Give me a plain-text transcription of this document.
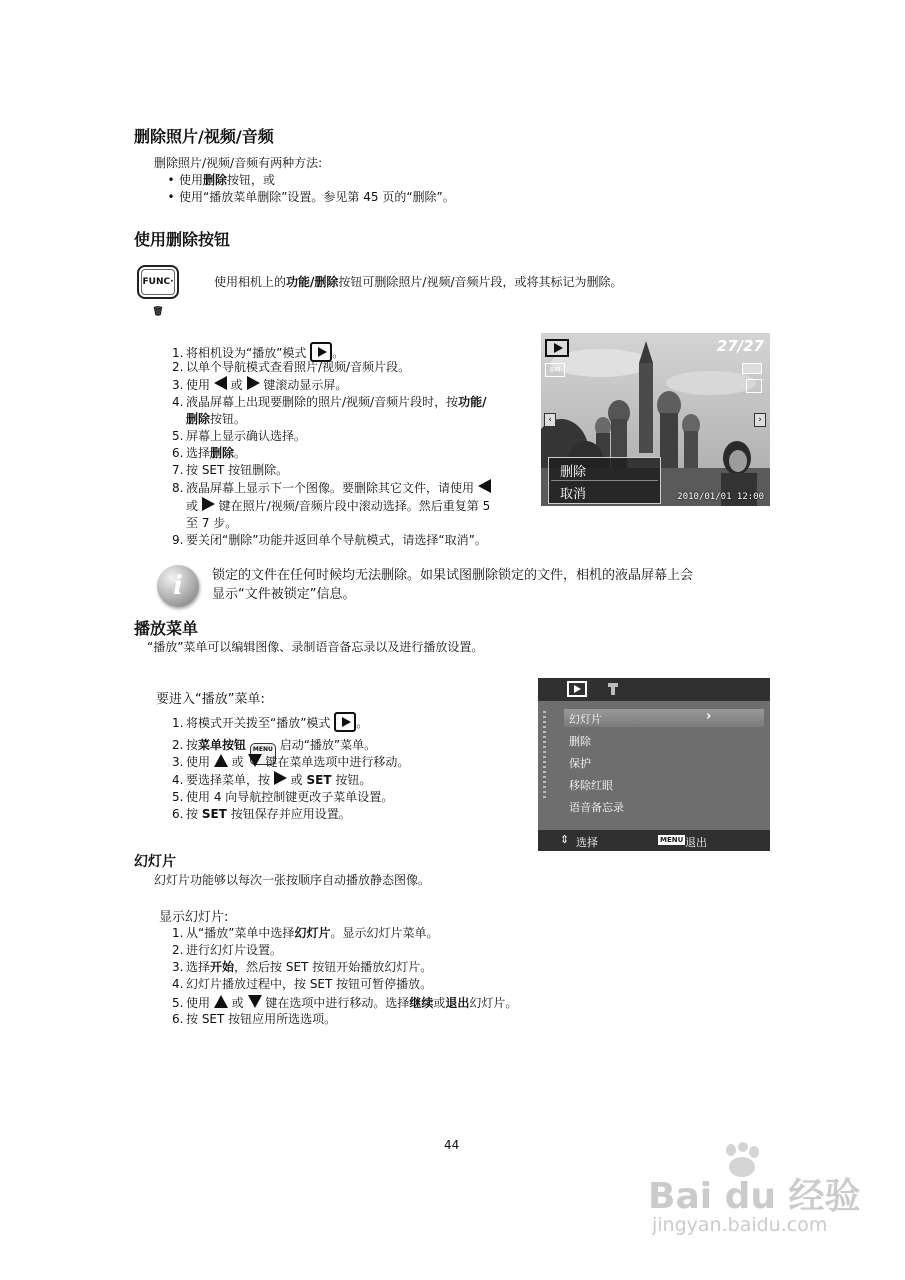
删除照片/视频/音频
删除照片/视频/音频有两种方法:
• 使用删除按钮，或
• 使用“播放菜单删除”设置。参见第 45 页的“删除”。
使用删除按钮
FUNC·🗑
使用相机上的功能/删除按钮可删除照片/视频/音频片段，或将其标记为删除。
1. 将相机设为“播放”模式 。
2. 以单个导航模式查看照片/视频/音频片段。
3. 使用 或 键滚动显示屏。
4. 液晶屏幕上出现要删除的照片/视频/音频片段时，按功能/
删除按钮。
5. 屏幕上显示确认选择。
6. 选择删除。
7. 按 SET 按钮删除。
8. 液晶屏幕上显示下一个图像。要删除其它文件，请使用
或 键在照片/视频/音频片段中滚动选择。然后重复第 5
至 7 步。
9. 要关闭“删除”功能并返回单个导航模式，请选择“取消”。
27/27
8M
‹	›
删除
取消	2010/01/01 12:00
i	锁定的文件在任何时候均无法删除。如果试图删除锁定的文件，相机的液晶屏幕上会
显示“文件被锁定”信息。
播放菜单
“播放”菜单可以编辑图像、录制语音备忘录以及进行播放设置。
要进入“播放”菜单:
1. 将模式开关拨至“播放”模式 。
2. 按菜单按钮 MENU 启动“播放”菜单。
3. 使用 或 键在菜单选项中进行移动。
4. 要选择菜单，按 或 SET 按钮。
5. 使用 4 向导航控制键更改子菜单设置。
6. 按 SET 按钮保存并应用设置。
幻灯片	›
删除
保护
移除红眼
语音备忘录
⇕ 选择	MENU 退出
幻灯片
幻灯片功能够以每次一张按顺序自动播放静态图像。
显示幻灯片:
1. 从“播放”菜单中选择幻灯片。显示幻灯片菜单。
2. 进行幻灯片设置。
3. 选择开始，然后按 SET 按钮开始播放幻灯片。
4. 幻灯片播放过程中，按 SET 按钮可暂停播放。
5. 使用 或 键在选项中进行移动。选择继续或退出幻灯片。
6. 按 SET 按钮应用所选选项。
44
Bai du 经验
jingyan.baidu.com
